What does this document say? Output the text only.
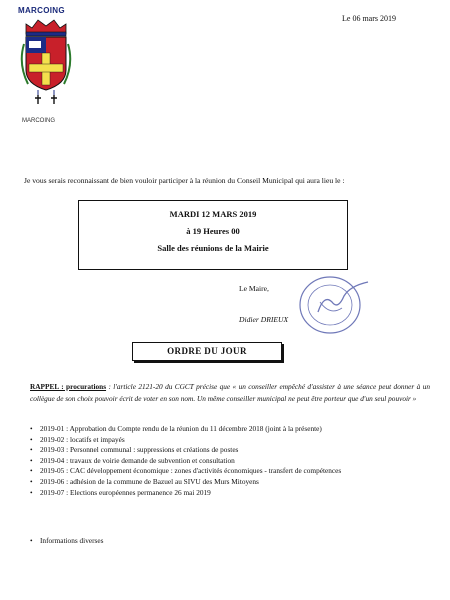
MARCOING
MARCOING
Le 06 mars 2019
Je vous serais reconnaissant de bien vouloir participer à la réunion du Conseil Municipal qui aura lieu le :
MARDI 12 MARS 2019
à 19 Heures 00
Salle des réunions de la Mairie
Le Maire,
Didier DRIEUX
ORDRE DU JOUR
RAPPEL : procurations : l'article 2121-20 du CGCT précise que « un conseiller empêché d'assister à une séance peut donner à un collègue de son choix pouvoir écrit de voter en son nom. Un même conseiller municipal ne peut être porteur que d'un seul pouvoir »
• 2019-01 : Approbation du Compte rendu de la réunion du 11 décembre 2018 (joint à la présente)
• 2019-02 : locatifs et impayés
• 2019-03 : Personnel communal : suppressions et créations de postes
• 2019-04 : travaux de voirie demande de subvention et consultation
• 2019-05 : CAC développement économique : zones d'activités économiques - transfert de compétences
• 2019-06 : adhésion de la commune de Bazuel au SIVU des Murs Mitoyens
• 2019-07 : Elections européennes permanence 26 mai 2019
• Informations diverses
